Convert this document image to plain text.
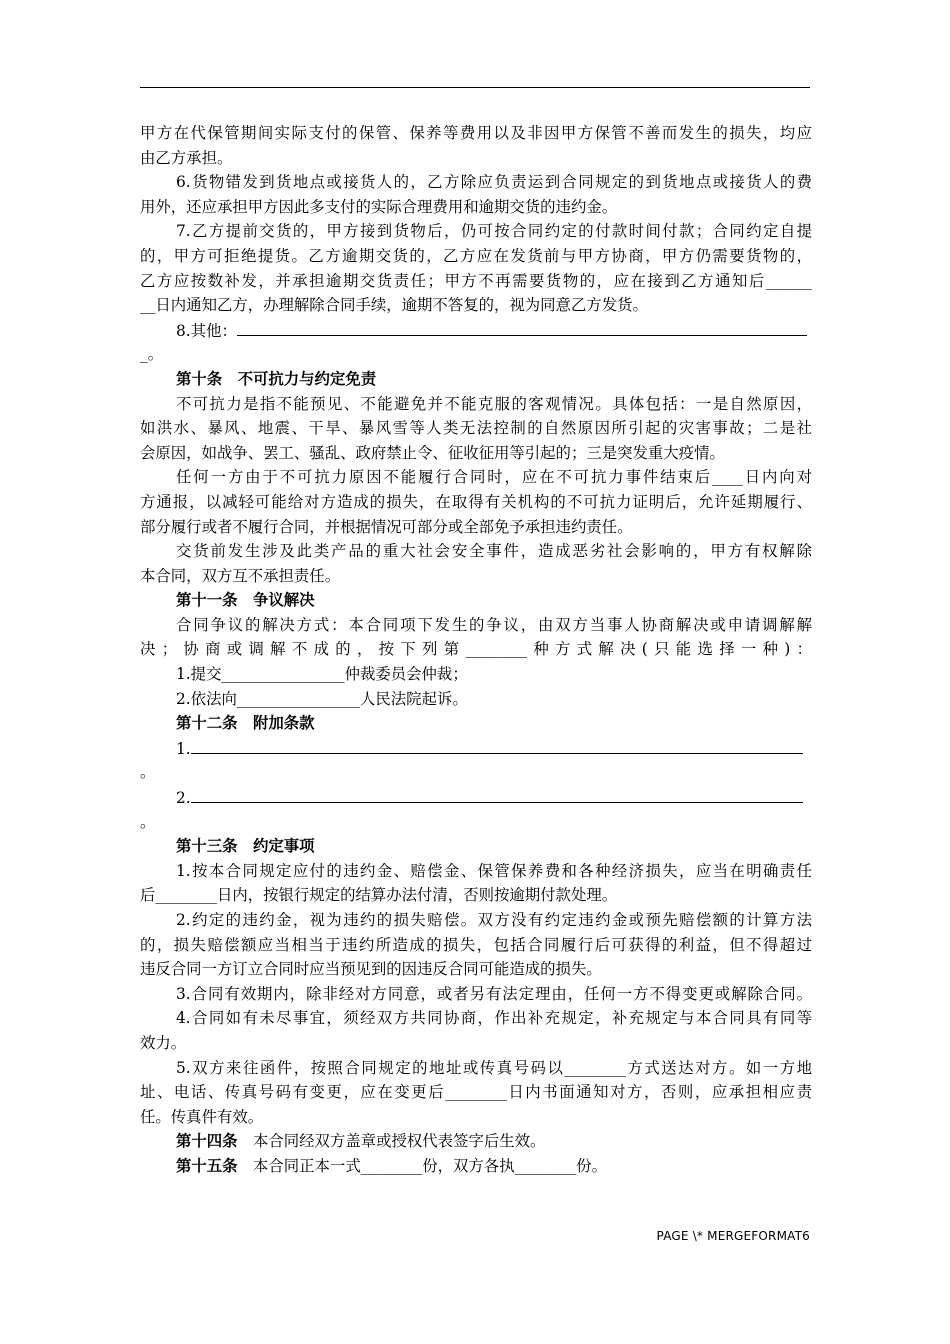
甲方在代保管期间实际支付的保管、保养等费用以及非因甲方保管不善而发生的损失，均应
由乙方承担。
6.货物错发到货地点或接货人的，乙方除应负责运到合同规定的到货地点或接货人的费
用外，还应承担甲方因此多支付的实际合理费用和逾期交货的违约金。
7.乙方提前交货的，甲方接到货物后，仍可按合同约定的付款时间付款；合同约定自提
的，甲方可拒绝提货。乙方逾期交货的，乙方应在发货前与甲方协商，甲方仍需要货物的，
乙方应按数补发，并承担逾期交货责任；甲方不再需要货物的，应在接到乙方通知后______
__日内通知乙方，办理解除合同手续，逾期不答复的，视为同意乙方发货。
8.其他：
_。
第十条　不可抗力与约定免责
不可抗力是指不能预见、不能避免并不能克服的客观情况。具体包括：一是自然原因，
如洪水、暴风、地震、干旱、暴风雪等人类无法控制的自然原因所引起的灾害事故；二是社
会原因，如战争、罢工、骚乱、政府禁止令、征收征用等引起的；三是突发重大疫情。
任何一方由于不可抗力原因不能履行合同时，应在不可抗力事件结束后____日内向对
方通报，以减轻可能给对方造成的损失，在取得有关机构的不可抗力证明后，允许延期履行、
部分履行或者不履行合同，并根据情况可部分或全部免予承担违约责任。
交货前发生涉及此类产品的重大社会安全事件，造成恶劣社会影响的，甲方有权解除
本合同，双方互不承担责任。
第十一条　争议解决
合同争议的解决方式：本合同项下发生的争议，由双方当事人协商解决或申请调解解
决；协商或调解不成的，按下列第________种方式解决(只能选择一种)：
1.提交________________仲裁委员会仲裁；
2.依法向________________人民法院起诉。
第十二条　附加条款
1.
。
2.
。
第十三条　约定事项
1.按本合同规定应付的违约金、赔偿金、保管保养费和各种经济损失，应当在明确责任
后________日内，按银行规定的结算办法付清，否则按逾期付款处理。
2.约定的违约金，视为违约的损失赔偿。双方没有约定违约金或预先赔偿额的计算方法
的，损失赔偿额应当相当于违约所造成的损失，包括合同履行后可获得的利益，但不得超过
违反合同一方订立合同时应当预见到的因违反合同可能造成的损失。
3.合同有效期内，除非经对方同意，或者另有法定理由，任何一方不得变更或解除合同。
4.合同如有未尽事宜，须经双方共同协商，作出补充规定，补充规定与本合同具有同等
效力。
5.双方来往函件，按照合同规定的地址或传真号码以________方式送达对方。如一方地
址、电话、传真号码有变更，应在变更后________日内书面通知对方，否则，应承担相应责
任。传真件有效。
第十四条　本合同经双方盖章或授权代表签字后生效。
第十五条　本合同正本一式________份，双方各执________份。
PAGE \* MERGEFORMAT6
